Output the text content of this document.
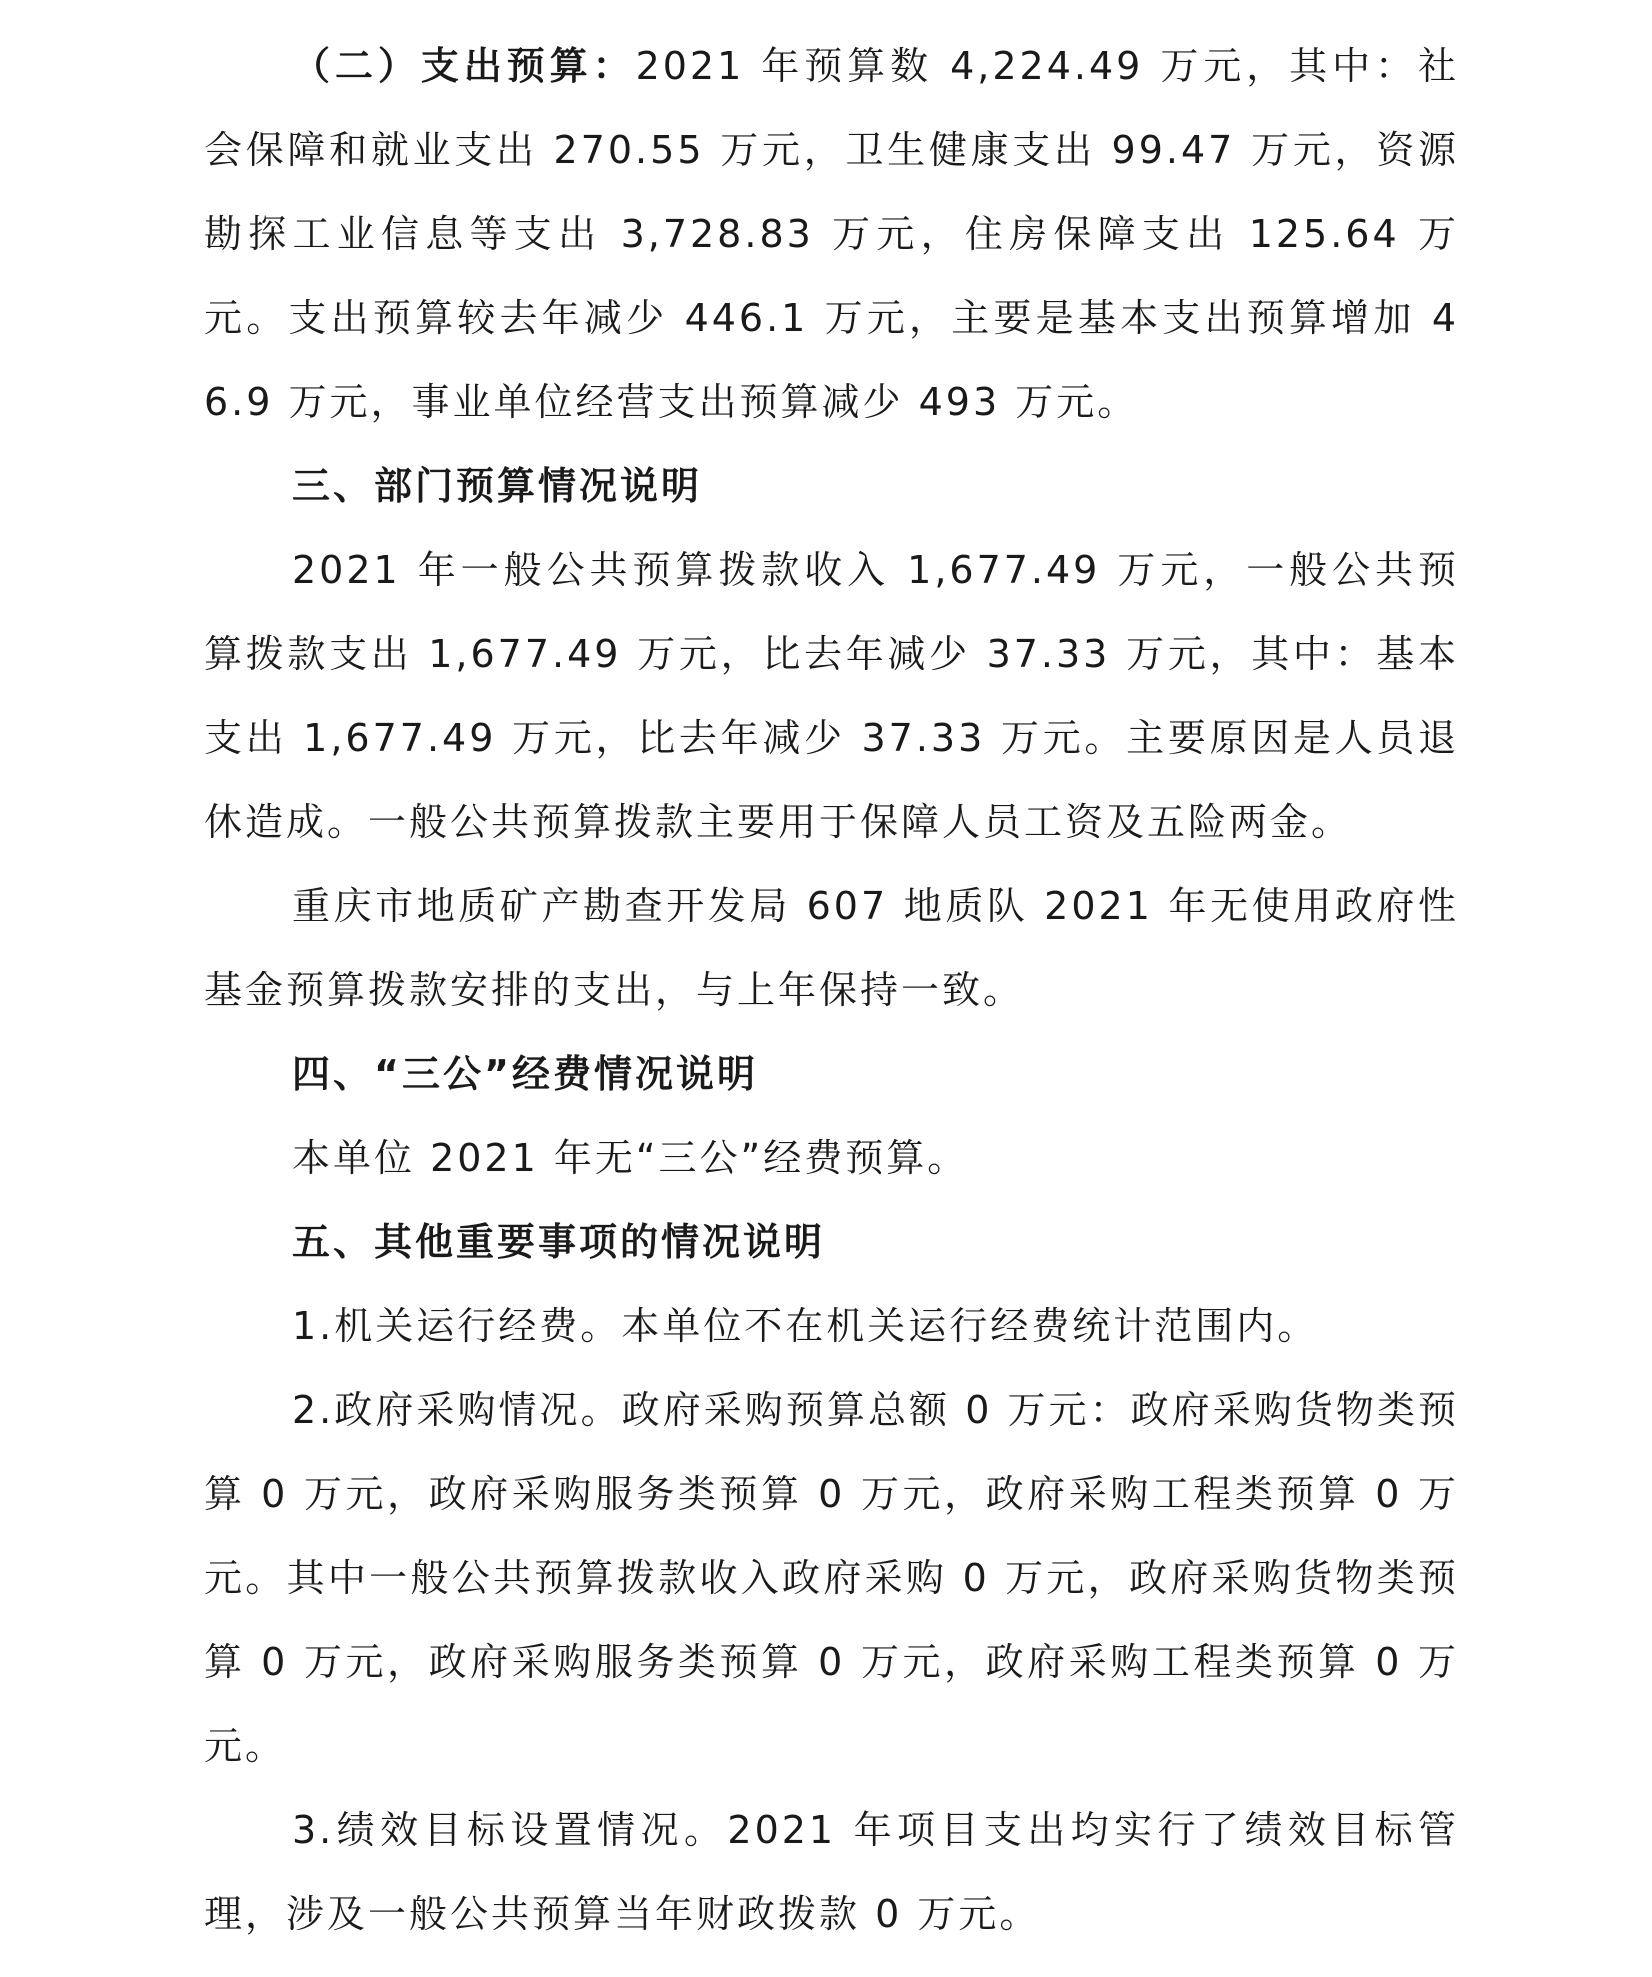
（二）支出预算：2021 年预算数 4,224.49 万元，其中：社会保障和就业支出 270.55 万元，卫生健康支出 99.47 万元，资源勘探工业信息等支出 3,728.83 万元，住房保障支出 125.64 万元。支出预算较去年减少 446.1 万元，主要是基本支出预算增加 46.9 万元，事业单位经营支出预算减少 493 万元。

三、部门预算情况说明

2021 年一般公共预算拨款收入 1,677.49 万元，一般公共预算拨款支出 1,677.49 万元，比去年减少 37.33 万元，其中：基本支出 1,677.49 万元，比去年减少 37.33 万元。主要原因是人员退休造成。一般公共预算拨款主要用于保障人员工资及五险两金。

重庆市地质矿产勘查开发局 607 地质队 2021 年无使用政府性基金预算拨款安排的支出，与上年保持一致。

四、“三公”经费情况说明

本单位 2021 年无“三公”经费预算。

五、其他重要事项的情况说明

1.机关运行经费。本单位不在机关运行经费统计范围内。

2.政府采购情况。政府采购预算总额 0 万元：政府采购货物类预算 0 万元，政府采购服务类预算 0 万元，政府采购工程类预算 0 万元。其中一般公共预算拨款收入政府采购 0 万元，政府采购货物类预算 0 万元，政府采购服务类预算 0 万元，政府采购工程类预算 0 万元。

3.绩效目标设置情况。2021 年项目支出均实行了绩效目标管理，涉及一般公共预算当年财政拨款 0 万元。
